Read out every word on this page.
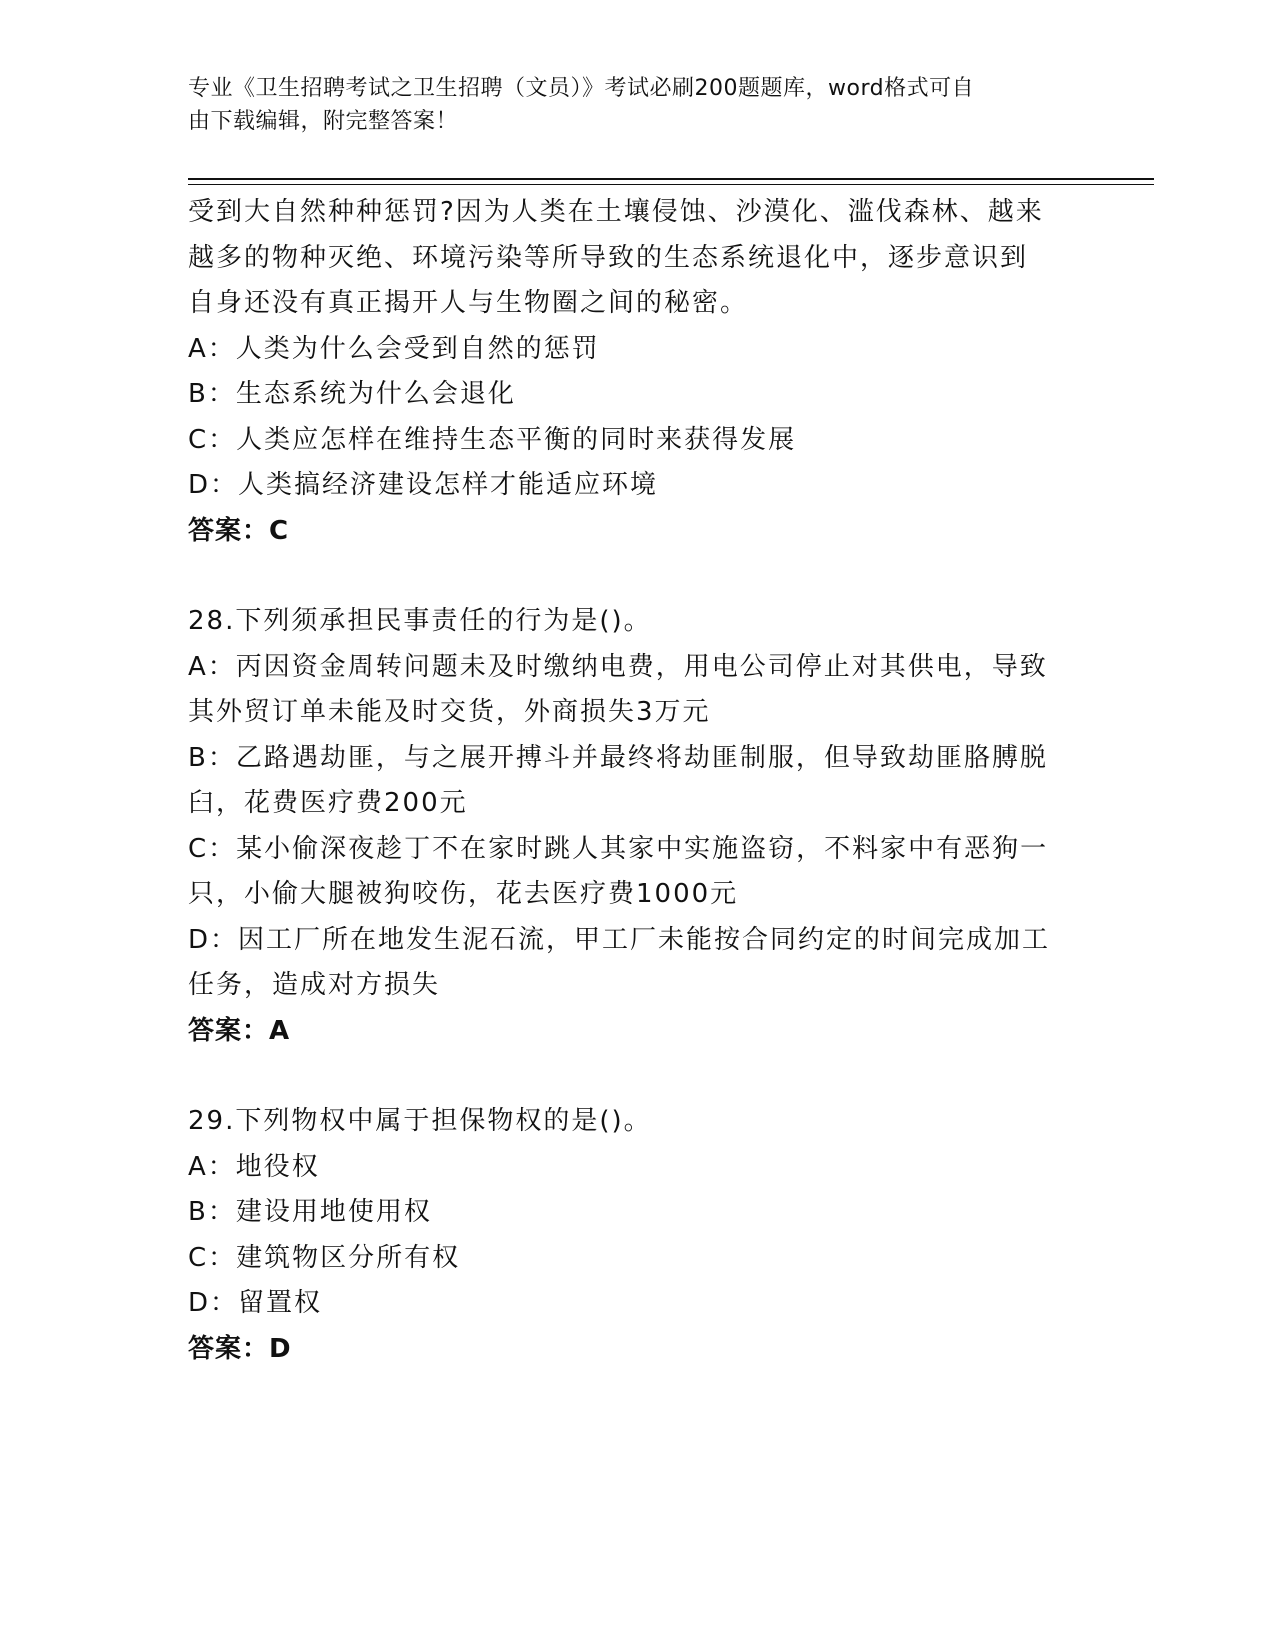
专业《卫生招聘考试之卫生招聘（文员）》考试必刷200题题库，word格式可自
由下载编辑，附完整答案！

受到大自然种种惩罚?因为人类在土壤侵蚀、沙漠化、滥伐森林、越来

越多的物种灭绝、环境污染等所导致的生态系统退化中，逐步意识到

自身还没有真正揭开人与生物圈之间的秘密。

A：人类为什么会受到自然的惩罚

B：生态系统为什么会退化

C：人类应怎样在维持生态平衡的同时来获得发展

D：人类搞经济建设怎样才能适应环境

答案：C

28.下列须承担民事责任的行为是()。

A：丙因资金周转问题未及时缴纳电费，用电公司停止对其供电，导致

其外贸订单未能及时交货，外商损失3万元

B：乙路遇劫匪，与之展开搏斗并最终将劫匪制服，但导致劫匪胳膊脱

臼，花费医疗费200元

C：某小偷深夜趁丁不在家时跳人其家中实施盗窃，不料家中有恶狗一

只，小偷大腿被狗咬伤，花去医疗费1000元

D：因工厂所在地发生泥石流，甲工厂未能按合同约定的时间完成加工

任务，造成对方损失

答案：A

29.下列物权中属于担保物权的是()。

A：地役权

B：建设用地使用权

C：建筑物区分所有权

D：留置权

答案：D
